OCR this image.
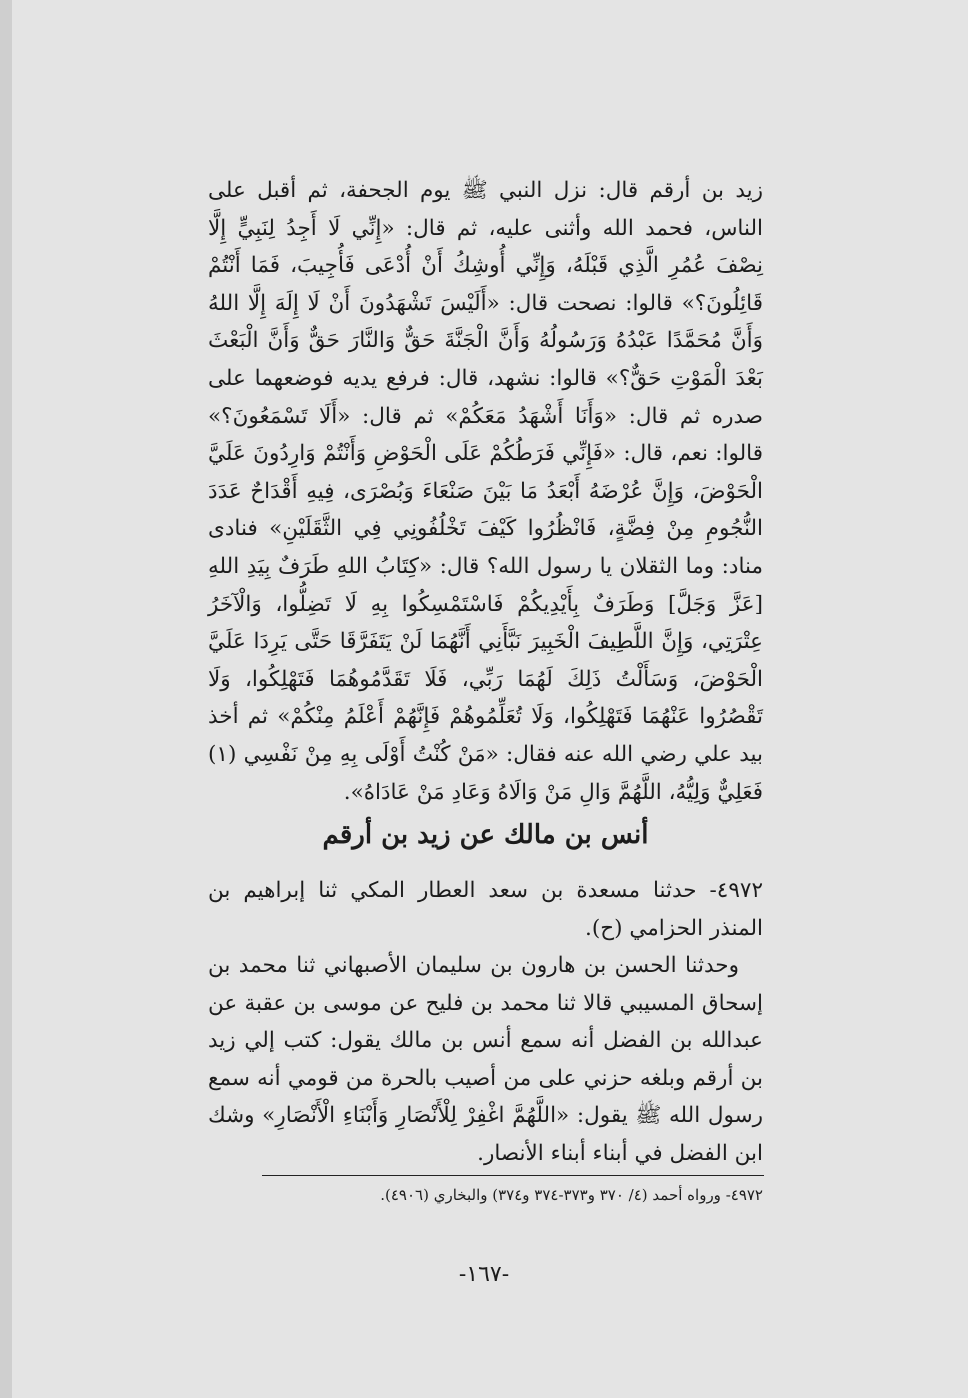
زيد بن أرقم قال: نزل النبي ﷺ يوم الجحفة، ثم أقبل على الناس، فحمد الله وأثنى عليه، ثم قال: «إِنِّي لَا أَجِدُ لِنَبِيٍّ إِلَّا نِصْفَ عُمُرِ الَّذِي قَبْلَهُ، وَإِنِّي أُوشِكُ أَنْ أُدْعَى فَأُجِيبَ، فَمَا أَنْتُمْ قَائِلُونَ؟» قالوا: نصحت قال: «أَلَيْسَ تَشْهَدُونَ أَنْ لَا إِلَهَ إِلَّا اللهُ وَأَنَّ مُحَمَّدًا عَبْدُهُ وَرَسُولُهُ وَأَنَّ الْجَنَّةَ حَقٌّ وَالنَّارَ حَقٌّ وَأَنَّ الْبَعْثَ بَعْدَ الْمَوْتِ حَقٌّ؟» قالوا: نشهد، قال: فرفع يديه فوضعهما على صدره ثم قال: «وَأَنَا أَشْهَدُ مَعَكُمْ» ثم قال: «أَلَا تَسْمَعُونَ؟» قالوا: نعم، قال: «فَإِنِّي فَرَطُكُمْ عَلَى الْحَوْضِ وَأَنْتُمْ وَارِدُونَ عَلَيَّ الْحَوْضَ، وَإِنَّ عُرْضَهُ أَبْعَدُ مَا بَيْنَ صَنْعَاءَ وَبُصْرَى، فِيهِ أَقْدَاحٌ عَدَدَ النُّجُومِ مِنْ فِضَّةٍ، فَانْظُرُوا كَيْفَ تَخْلُفُونِي فِي الثَّقَلَيْنِ» فنادى مناد: وما الثقلان يا رسول الله؟ قال: «كِتَابُ اللهِ طَرَفٌ بِيَدِ اللهِ [عَزَّ وَجَلَّ] وَطَرَفٌ بِأَيْدِيكُمْ فَاسْتَمْسِكُوا بِهِ لَا تَضِلُّوا، وَالْآخَرُ عِتْرَتِي، وَإِنَّ اللَّطِيفَ الْخَبِيرَ نَبَّأَنِي أَنَّهُمَا لَنْ يَتَفَرَّقَا حَتَّى يَرِدَا عَلَيَّ الْحَوْضَ، وَسَأَلْتُ ذَلِكَ لَهُمَا رَبِّي، فَلَا تَقَدَّمُوهُمَا فَتَهْلِكُوا، وَلَا تَقْصُرُوا عَنْهُمَا فَتَهْلِكُوا، وَلَا تُعَلِّمُوهُمْ فَإِنَّهُمْ أَعْلَمُ مِنْكُمْ» ثم أخذ بيد علي رضي الله عنه فقال: «مَنْ كُنْتُ أَوْلَى بِهِ مِنْ نَفْسِي (١) فَعَلِيٌّ وَلِيُّهُ، اللَّهُمَّ وَالِ مَنْ وَالَاهُ وَعَادِ مَنْ عَادَاهُ».

أنس بن مالك عن زيد بن أرقم

٤٩٧٢- حدثنا مسعدة بن سعد العطار المكي ثنا إبراهيم بن المنذر الحزامي (ح).

وحدثنا الحسن بن هارون بن سليمان الأصبهاني ثنا محمد بن إسحاق المسيبي قالا ثنا محمد بن فليح عن موسى بن عقبة عن عبدالله بن الفضل أنه سمع أنس بن مالك يقول: كتب إلي زيد بن أرقم وبلغه حزني على من أصيب بالحرة من قومي أنه سمع رسول الله ﷺ يقول: «اللَّهُمَّ اغْفِرْ لِلْأَنْصَارِ وَأَبْنَاءِ الْأَنْصَارِ» وشك ابن الفضل في أبناء أبناء الأنصار.

٤٩٧٢- ورواه أحمد (٤/ ٣٧٠ و٣٧٣-٣٧٤ و٣٧٤) والبخاري (٤٩٠٦).
-١٦٧-
